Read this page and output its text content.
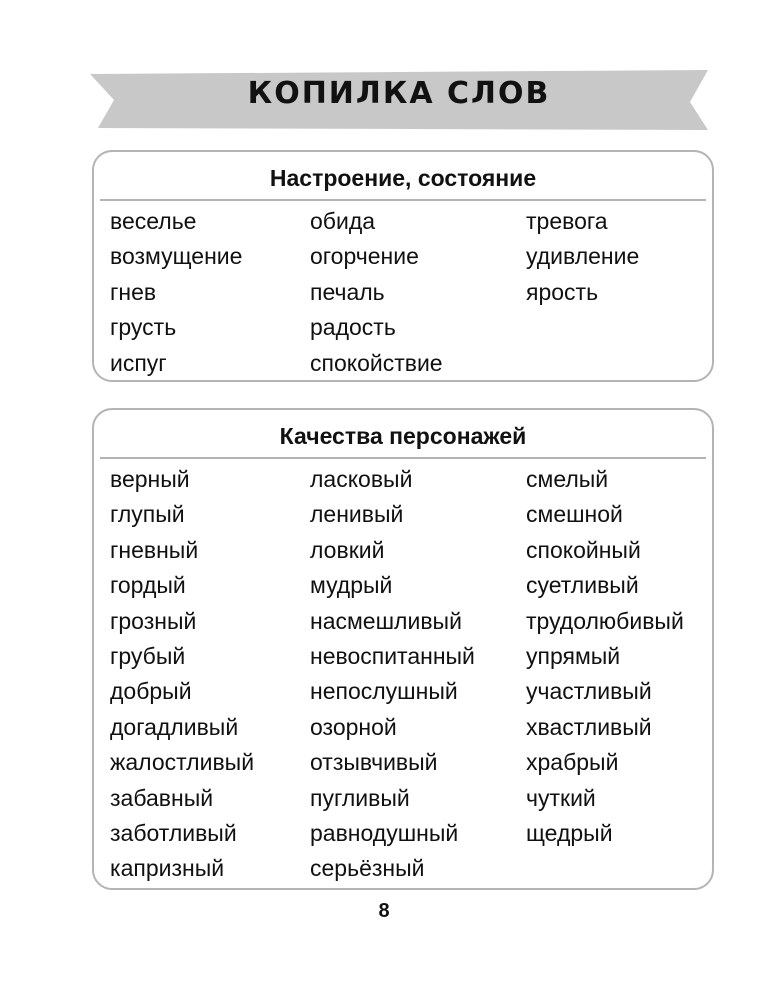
КОПИЛКА СЛОВ
Настроение, состояние
веселье
возмущение
гнев
грусть
испуг
обида
огорчение
печаль
радость
спокойствие
тревога
удивление
ярость
Качества персонажей
верный
глупый
гневный
гордый
грозный
грубый
добрый
догадливый
жалостливый
забавный
заботливый
капризный
ласковый
ленивый
ловкий
мудрый
насмешливый
невоспитанный
непослушный
озорной
отзывчивый
пугливый
равнодушный
серьёзный
смелый
смешной
спокойный
суетливый
трудолюбивый
упрямый
участливый
хвастливый
храбрый
чуткий
щедрый
8
